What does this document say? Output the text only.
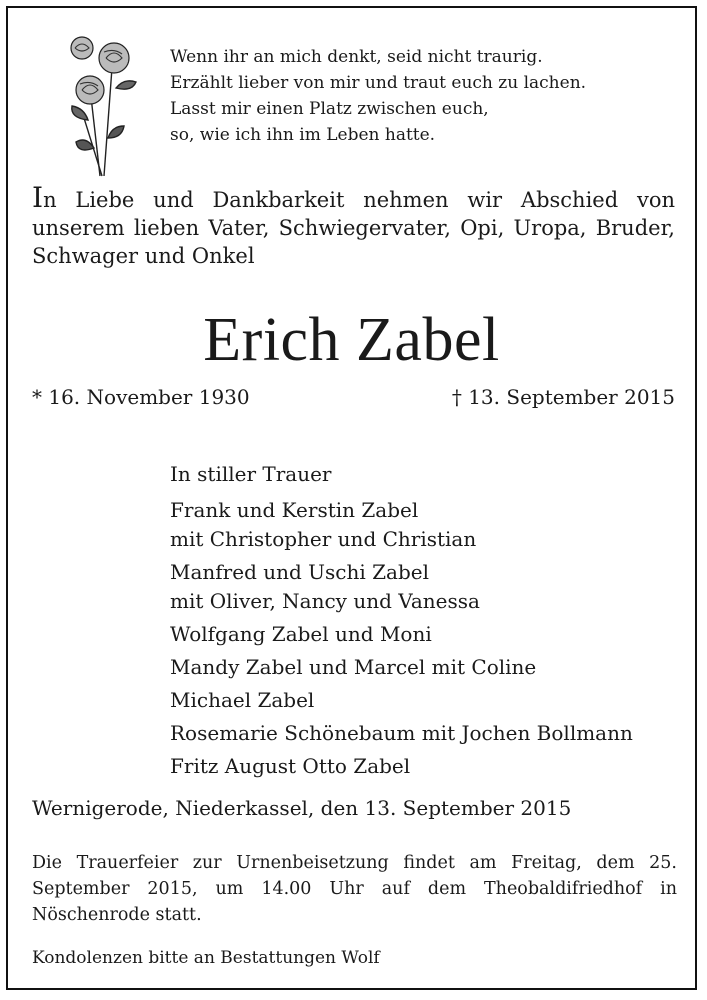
Wenn ihr an mich denkt, seid nicht traurig.
Erzählt lieber von mir und traut euch zu lachen.
Lasst mir einen Platz zwischen euch,
so, wie ich ihn im Leben hatte.
In Liebe und Dankbarkeit nehmen wir Abschied von unserem lieben Vater, Schwiegervater, Opi, Uropa, Bruder, Schwager und Onkel
Erich Zabel
* 16. November 1930	† 13. September 2015
In stiller Trauer
Frank und Kerstin Zabel
mit Christopher und Christian
Manfred und Uschi Zabel
mit Oliver, Nancy und Vanessa
Wolfgang Zabel und Moni
Mandy Zabel und Marcel mit Coline
Michael Zabel
Rosemarie Schönebaum mit Jochen Bollmann
Fritz August Otto Zabel
Wernigerode, Niederkassel, den 13. September 2015
Die Trauerfeier zur Urnenbeisetzung findet am Freitag, dem 25. September 2015, um 14.00 Uhr auf dem Theobaldifriedhof in Nöschenrode statt.
Kondolenzen bitte an Bestattungen Wolf
